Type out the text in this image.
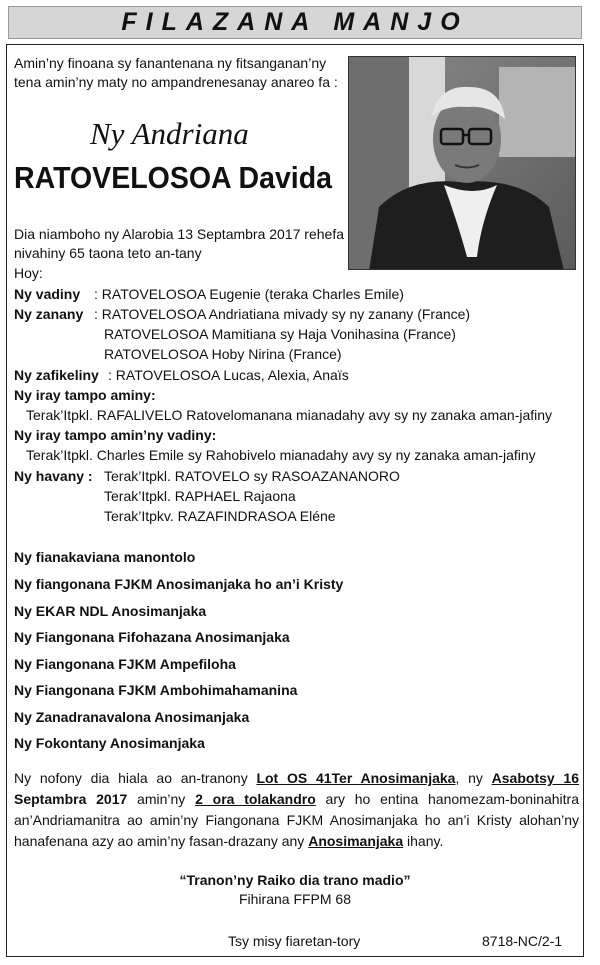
FILAZANA MANJO
Amin’ny finoana sy fanantenana ny fitsanganan’ny
tena amin’ny maty no ampandrenesanay anareo fa :
Ny Andriana
RATOVELOSOA Davida
Dia niamboho ny Alarobia 13 Septambra 2017 rehefa
nivahiny 65 taona teto an-tany
Hoy:
Ny vadiny : RATOVELOSOA Eugenie (teraka Charles Emile)
Ny zanany : RATOVELOSOA Andriatiana mivady sy ny zanany (France)
RATOVELOSOA Mamitiana sy Haja Vonihasina (France)
RATOVELOSOA Hoby Nirina (France)
Ny zafikeliny : RATOVELOSOA Lucas, Alexia, Anaïs
Ny iray tampo aminy:
Terak’Itpkl. RAFALIVELO Ratovelomanana mianadahy avy sy ny zanaka aman-jafiny
Ny iray tampo amin’ny vadiny:
Terak’Itpkl. Charles Emile sy Rahobivelo mianadahy avy sy ny zanaka aman-jafiny
Ny havany : Terak’Itpkl. RATOVELO sy RASOAZANANORO
Terak’Itpkl. RAPHAEL Rajaona
Terak’Itpkv. RAZAFINDRASOA Eléne
Ny fianakaviana manontolo
Ny fiangonana FJKM Anosimanjaka ho an’i Kristy
Ny EKAR NDL Anosimanjaka
Ny Fiangonana Fifohazana Anosimanjaka
Ny Fiangonana FJKM Ampefiloha
Ny Fiangonana FJKM Ambohimahamanina
Ny Zanadranavalona Anosimanjaka
Ny Fokontany Anosimanjaka
Ny nofony dia hiala ao an-tranony Lot OS 41Ter Anosimanjaka, ny Asabotsy 16 Septambra 2017 amin’ny 2 ora tolakandro ary ho entina hanomezam-boninahitra an’Andriamanitra ao amin’ny Fiangonana FJKM Anosimanjaka ho an’i Kristy alohan’ny hanafenana azy ao amin’ny fasan-drazany any Anosimanjaka ihany.
“Tranon’ny Raiko dia trano madio”
Fihirana FFPM 68
Tsy misy fiaretan-tory	8718-NC/2-1
